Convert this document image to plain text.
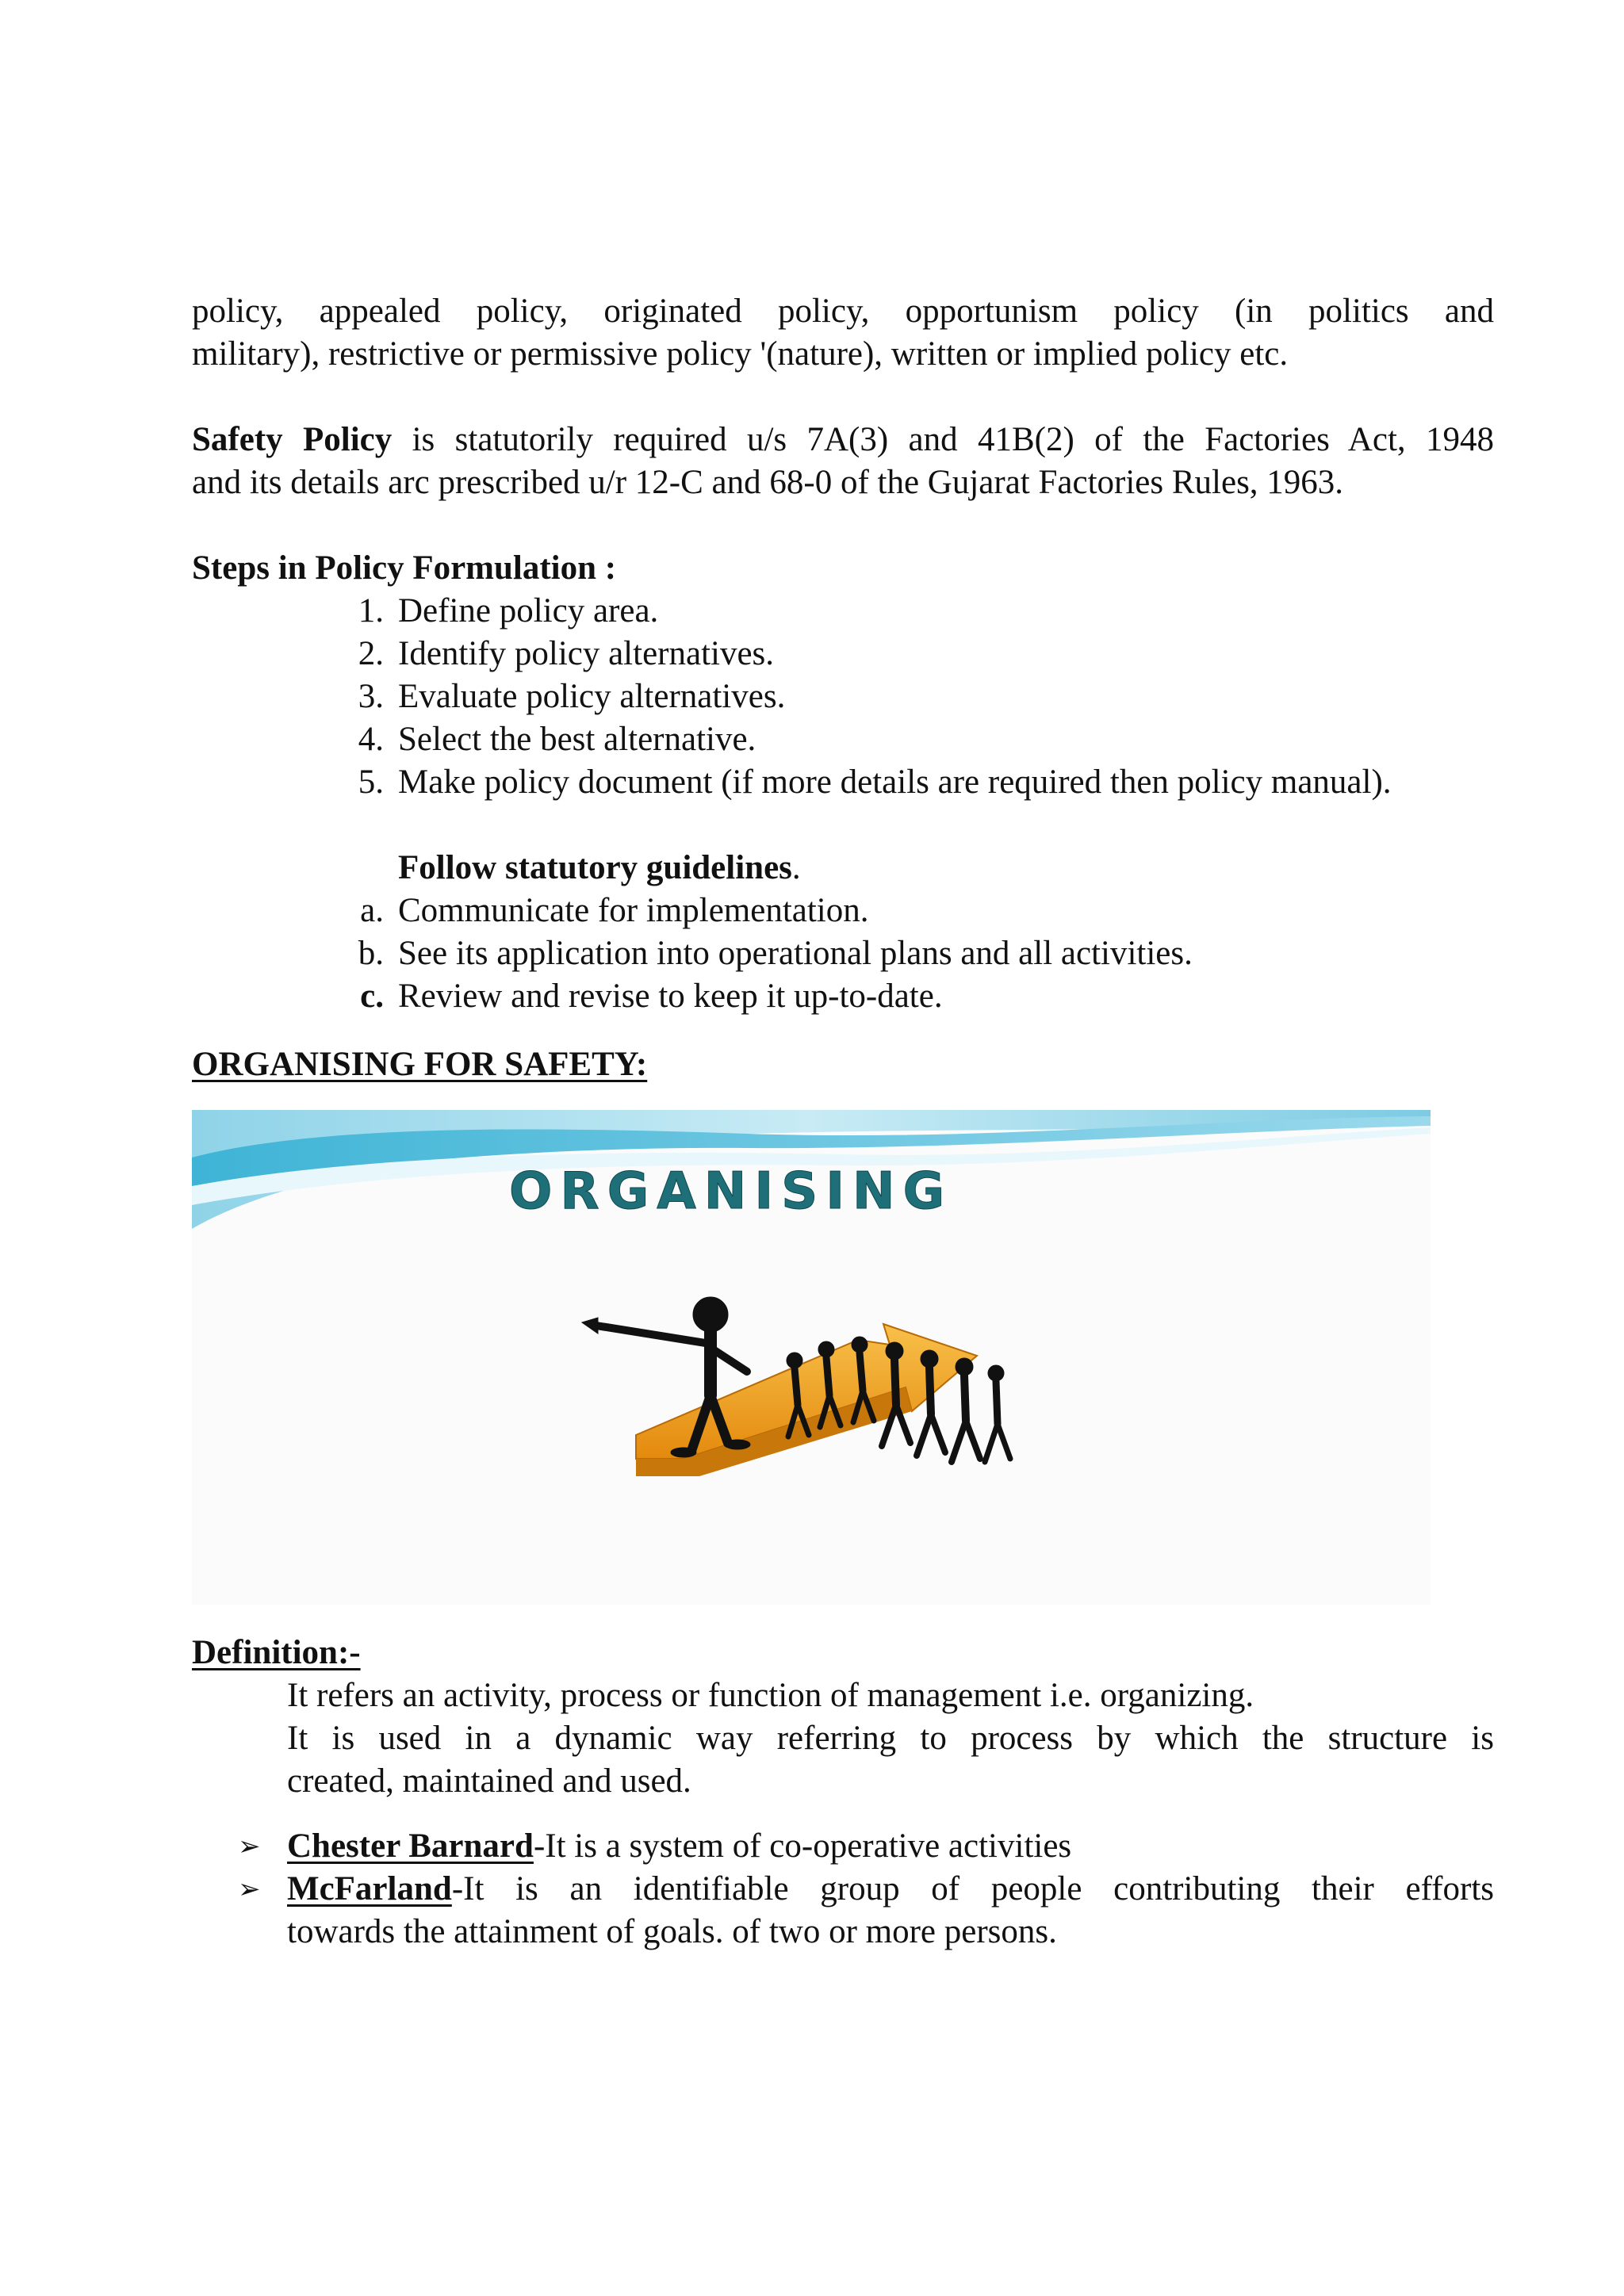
policy, appealed policy, originated policy, opportunism policy (in politics and
military), restrictive or permissive policy '(nature), written or implied policy etc.
Safety Policy is statutorily required u/s 7A(3) and 41B(2) of the Factories Act, 1948
and its details arc prescribed u/r 12-C and 68-0 of the Gujarat Factories Rules, 1963.
Steps in Policy Formulation :
1. Define policy area.
2. Identify policy alternatives.
3. Evaluate policy alternatives.
4. Select the best alternative.
5. Make policy document (if more details are required then policy manual).
Follow statutory guidelines.
a. Communicate for implementation.
b. See its application into operational plans and all activities.
c. Review and revise to keep it up-to-date.
ORGANISING FOR SAFETY:
ORGANISING
Definition:-
It refers an activity, process or function of management i.e. organizing.
It is used in a dynamic way referring to process by which the structure is
created, maintained and used.
➢ Chester Barnard-It is a system of co-operative activities
➢ McFarland-It is an identifiable group of people contributing their efforts
towards the attainment of goals. of two or more persons.
